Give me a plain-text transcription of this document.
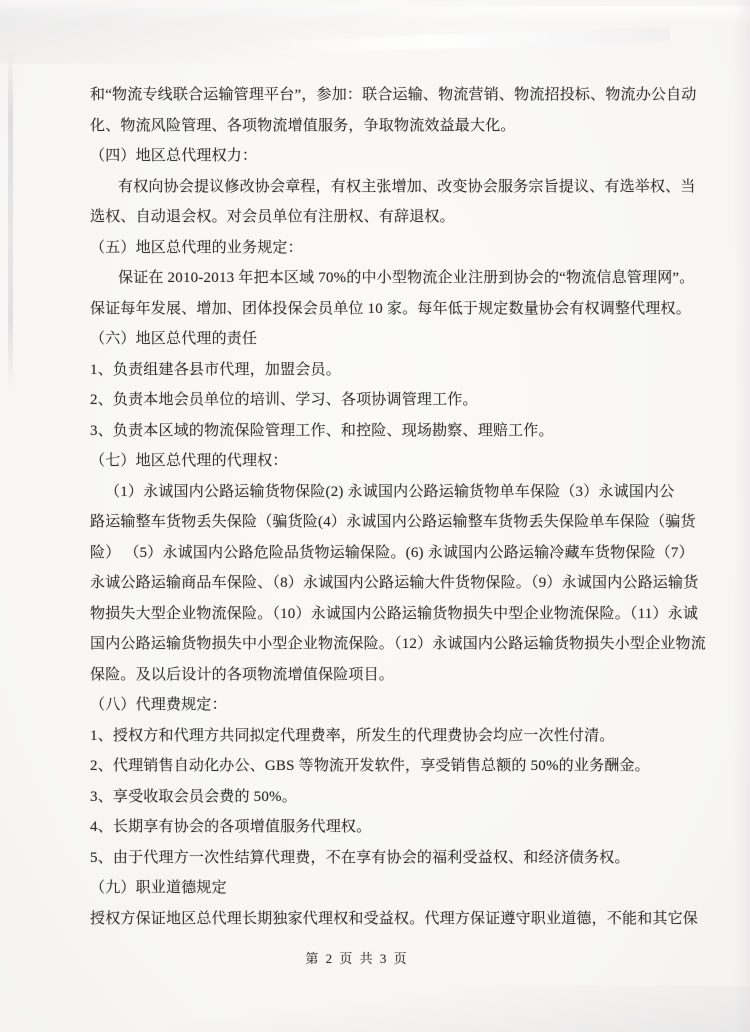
和“物流专线联合运输管理平台”，参加：联合运输、物流营销、物流招投标、物流办公自动
化、物流风险管理、各项物流增值服务，争取物流效益最大化。
（四）地区总代理权力：
有权向协会提议修改协会章程，有权主张增加、改变协会服务宗旨提议、有选举权、当
选权、自动退会权。对会员单位有注册权、有辞退权。
（五）地区总代理的业务规定：
保证在 2010-2013 年把本区域 70%的中小型物流企业注册到协会的“物流信息管理网”。
保证每年发展、增加、团体投保会员单位 10 家。每年低于规定数量协会有权调整代理权。
（六）地区总代理的责任
1、负责组建各县市代理，加盟会员。
2、负责本地会员单位的培训、学习、各项协调管理工作。
3、负责本区域的物流保险管理工作、和控险、现场勘察、理赔工作。
（七）地区总代理的代理权：
（1）永诚国内公路运输货物保险(2) 永诚国内公路运输货物单车保险（3）永诚国内公
路运输整车货物丢失保险（骗货险(4）永诚国内公路运输整车货物丢失保险单车保险（骗货
险） （5）永诚国内公路危险品货物运输保险。(6) 永诚国内公路运输冷藏车货物保险（7）
永诚公路运输商品车保险、（8）永诚国内公路运输大件货物保险。（9）永诚国内公路运输货
物损失大型企业物流保险。（10）永诚国内公路运输货物损失中型企业物流保险。（11）永诚
国内公路运输货物损失中小型企业物流保险。（12）永诚国内公路运输货物损失小型企业物流
保险。及以后设计的各项物流增值保险项目。
（八）代理费规定：
1、授权方和代理方共同拟定代理费率，所发生的代理费协会均应一次性付清。
2、代理销售自动化办公、GBS 等物流开发软件，享受销售总额的 50%的业务酬金。
3、享受收取会员会费的 50%。
4、长期享有协会的各项增值服务代理权。
5、由于代理方一次性结算代理费，不在享有协会的福利受益权、和经济债务权。
（九）职业道德规定
授权方保证地区总代理长期独家代理权和受益权。代理方保证遵守职业道德，不能和其它保
第 2 页 共 3 页
